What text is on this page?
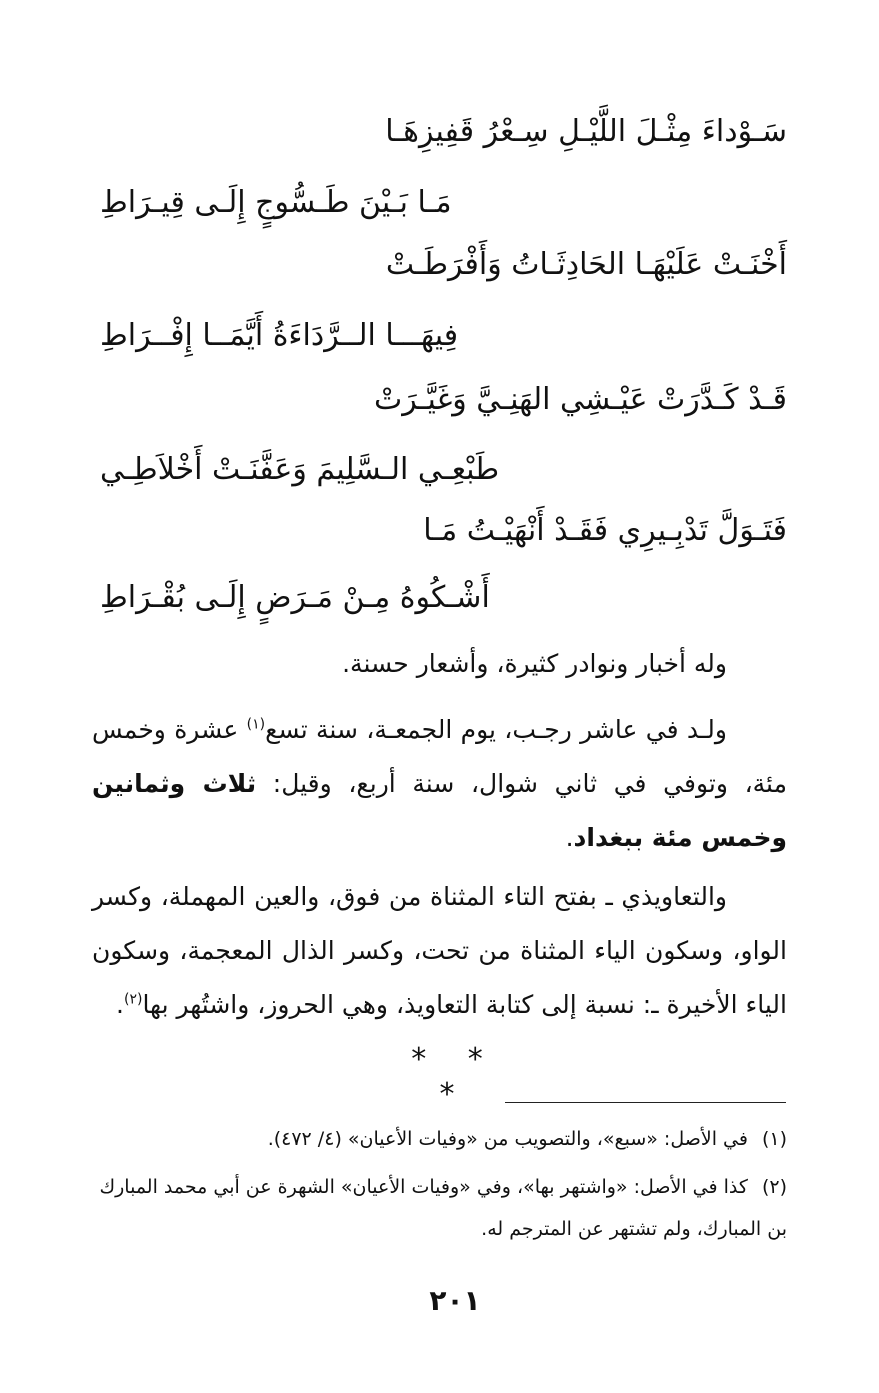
سَـوْداءَ مِثْـلَ اللَّيْـلِ سِـعْرُ قَفِيزِهَـا
مَـا بَـيْنَ طَـسُّوجٍ إِلَـى قِيـرَاطِ
أَخْنَـتْ عَلَيْهَـا الحَادِثَـاتُ وَأَفْرَطَـتْ
فِيهَـــا الــرَّدَاءَةُ أَيَّمَــا إِفْــرَاطِ
قَـدْ كَـدَّرَتْ عَيْـشِي الهَنِـيَّ وَغَيَّـرَتْ
طَبْعِـي الـسَّلِيمَ وَعَفَّنَـتْ أَخْلاَطِـي
فَتَـوَلَّ تَدْبِـيرِي فَقَـدْ أَنْهَيْـتُ مَـا
أَشْـكُوهُ مِـنْ مَـرَضٍ إِلَـى بُقْـرَاطِ
وله أخبار ونوادر كثيرة، وأشعار حسنة.
ولـد في عاشر رجـب، يوم الجمعـة، سنة تسع$^{(١)}$ عشرة وخمس مئة، وتوفي في ثاني شوال، سنة أربع، وقيل: ثلاث وثمانين وخمس مئة ببغداد.
والتعاويذي ـ بفتح التاء المثناة من فوق، والعين المهملة، وكسر الواو، وسكون الياء المثناة من تحت، وكسر الذال المعجمة، وسكون الياء الأخيرة ـ: نسبة إلى كتابة التعاويذ، وهي الحروز، واشتُهر بها$^{(٢)}$.
* * *
(١)في الأصل: «سبع»، والتصويب من «وفيات الأعيان» (٤/ ٤٧٢).
(٢)كذا في الأصل: «واشتهر بها»، وفي «وفيات الأعيان» الشهرة عن أبي محمد المبارك بن المبارك، ولم تشتهر عن المترجم له.
٢٠١
